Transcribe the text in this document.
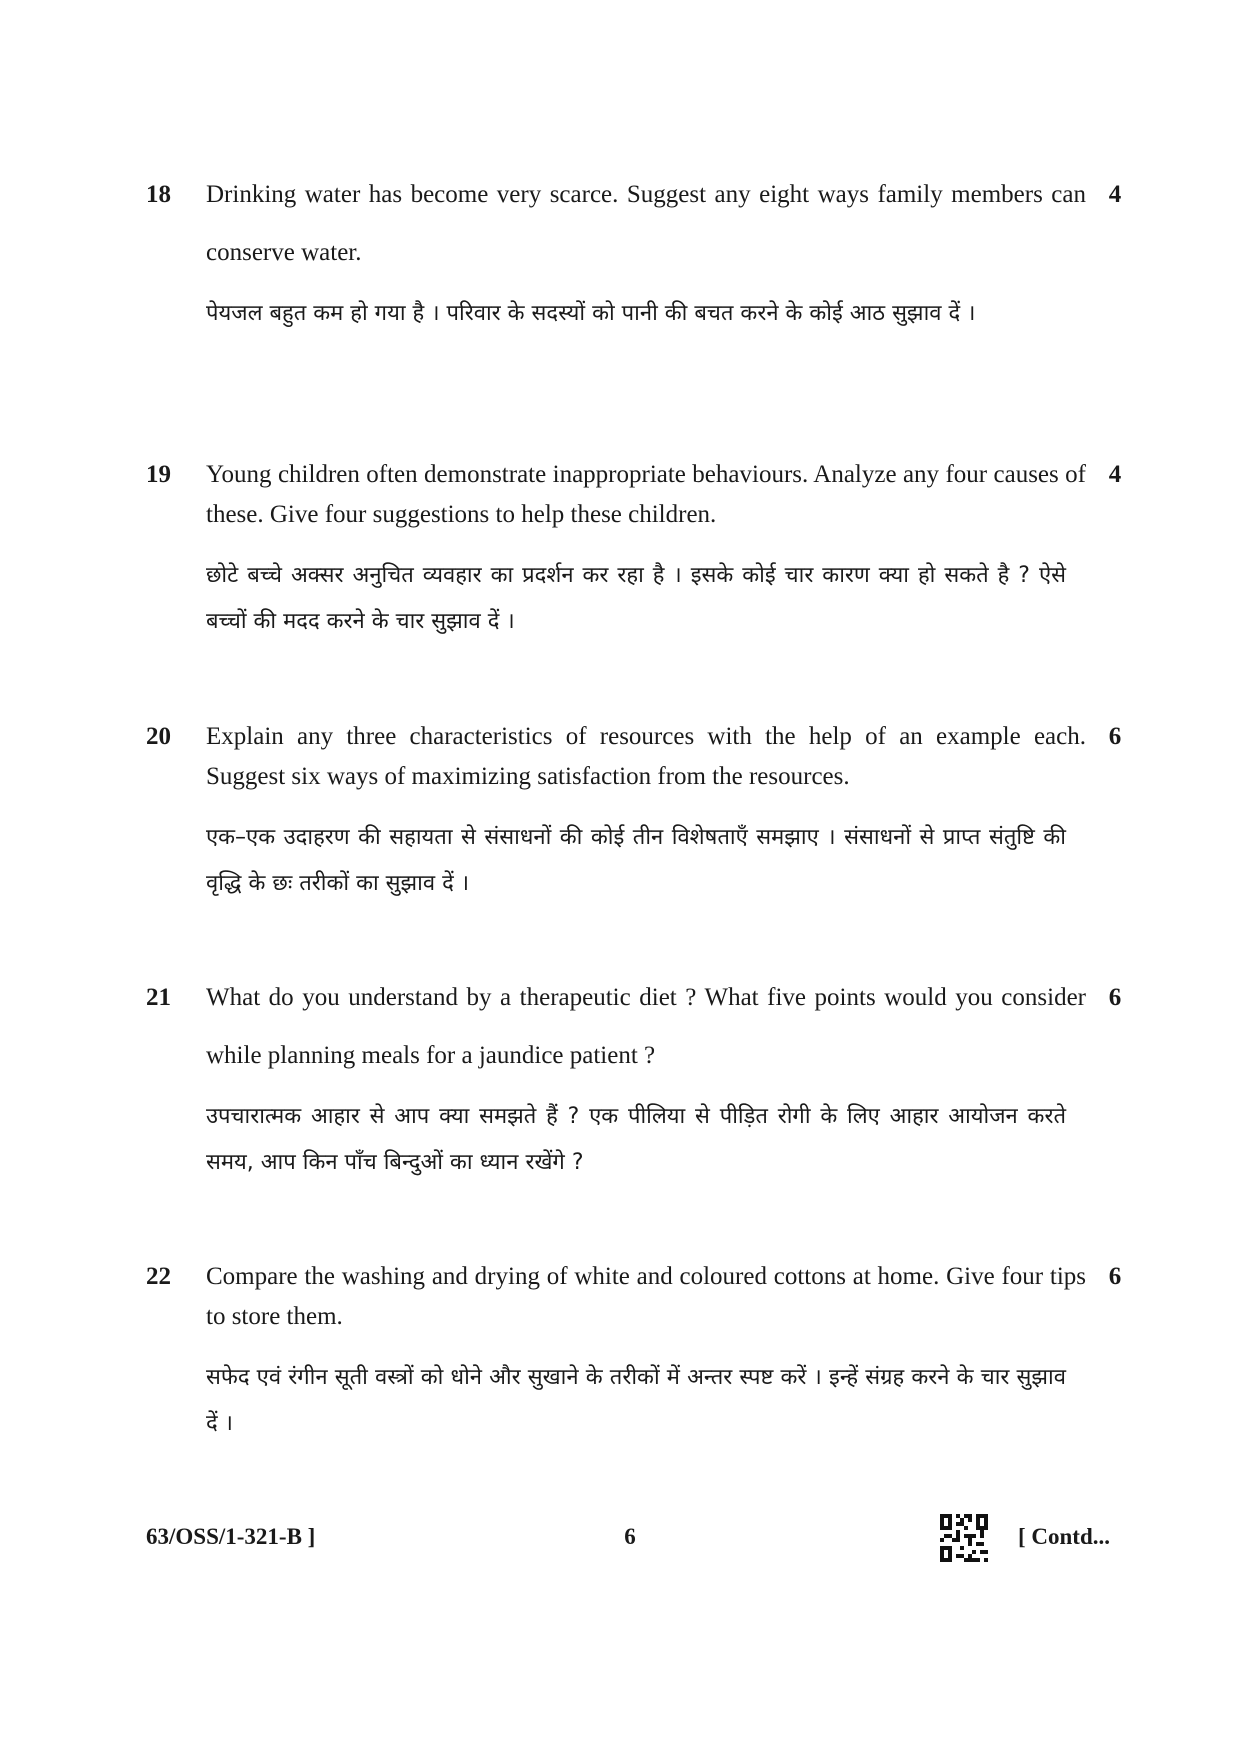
18	4
Drinking water has become very scarce. Suggest any eight ways family members can conserve water.
पेयजल बहुत कम हो गया है । परिवार के सदस्यों को पानी की बचत करने के कोई आठ सुझाव दें ।
19	4
Young children often demonstrate inappropriate behaviours. Analyze any four causes of these. Give four suggestions to help these children.
छोटे बच्चे अक्सर अनुचित व्यवहार का प्रदर्शन कर रहा है । इसके कोई चार कारण क्या हो सकते है ? ऐसे बच्चों की मदद करने के चार सुझाव दें ।
20	6
Explain any three characteristics of resources with the help of an example each. Suggest six ways of maximizing satisfaction from the resources.
एक–एक उदाहरण की सहायता से संसाधनों की कोई तीन विशेषताएँ समझाए । संसाधनों से प्राप्त संतुष्टि की वृद्धि के छः तरीकों का सुझाव दें ।
21	6
What do you understand by a therapeutic diet ? What five points would you consider while planning meals for a jaundice patient ?
उपचारात्मक आहार से आप क्या समझते हैं ? एक पीलिया से पीड़ित रोगी के लिए आहार आयोजन करते समय, आप किन पाँच बिन्दुओं का ध्यान रखेंगे ?
22	6
Compare the washing and drying of white and coloured cottons at home. Give four tips to store them.
सफेद एवं रंगीन सूती वस्त्रों को धोने और सुखाने के तरीकों में अन्तर स्पष्ट करें । इन्हें संग्रह करने के चार सुझाव दें ।
63/OSS/1-321-B ]	6	[ Contd...
